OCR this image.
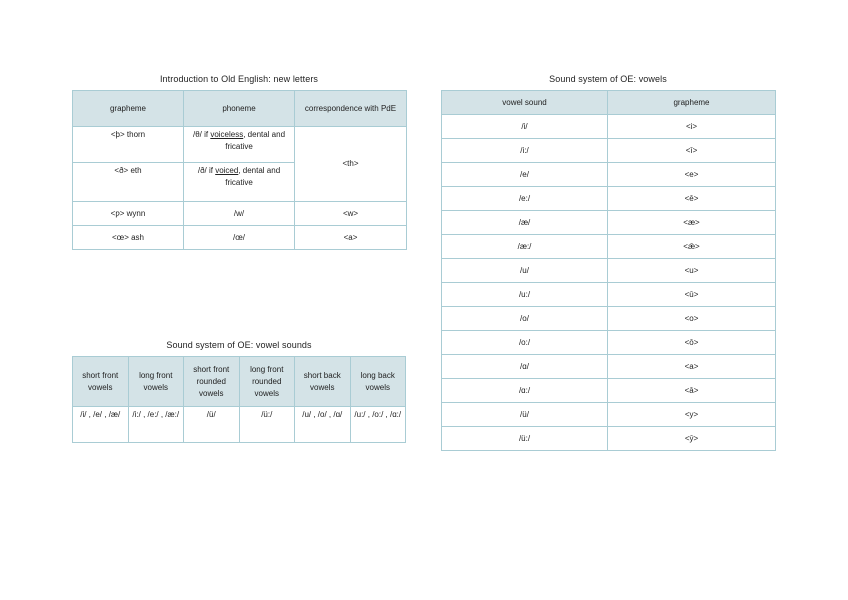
Introduction to Old English: new letters
grapheme	phoneme	correspondence with PdE
<þ> thorn	/θ/ if voiceless, dental and fricative	<th>
<ð> eth	/ð/ if voiced, dental and fricative	
<ƿ> wynn	/w/	<w>
<œ> ash	/œ/	<a>
Sound system of OE: vowel sounds
short front vowels	long front vowels	short front rounded vowels	long front rounded vowels	short back vowels	long back vowels
/i/ , /e/ , /æ/	/i:/ , /e:/ , /æ:/	/ü/	/ü:/	/u/ , /o/ , /ɑ/	/u:/ , /o:/ , /ɑ:/
Sound system of OE: vowels
vowel sound	grapheme
/i/	<i>
/i:/	<ī>
/e/	<e>
/e:/	<ē>
/æ/	<æ>
/æ:/	<ǣ>
/u/	<u>
/u:/	<ū>
/o/	<o>
/o:/	<ō>
/ɑ/	<a>
/ɑ:/	<ā>
/ü/	<y>
/ü:/	<ȳ>
